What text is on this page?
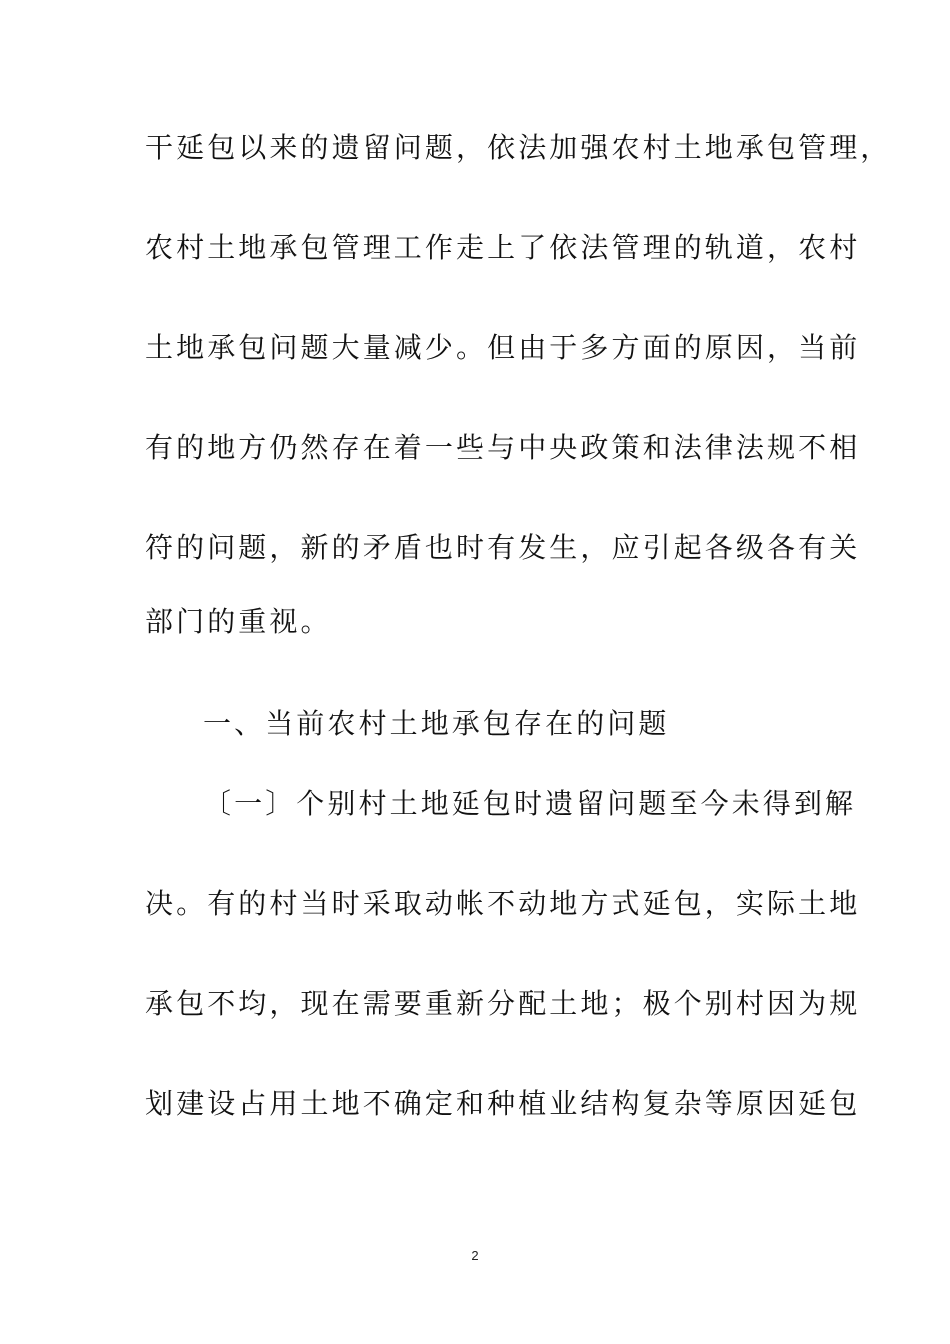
干延包以来的遗留问题，依法加强农村土地承包管理，
农村土地承包管理工作走上了依法管理的轨道，农村
土地承包问题大量减少。但由于多方面的原因，当前
有的地方仍然存在着一些与中央政策和法律法规不相
符的问题，新的矛盾也时有发生，应引起各级各有关
部门的重视。
一、当前农村土地承包存在的问题
〔一〕个别村土地延包时遗留问题至今未得到解
决。有的村当时采取动帐不动地方式延包，实际土地
承包不均，现在需要重新分配土地；极个别村因为规
划建设占用土地不确定和种植业结构复杂等原因延包
2
